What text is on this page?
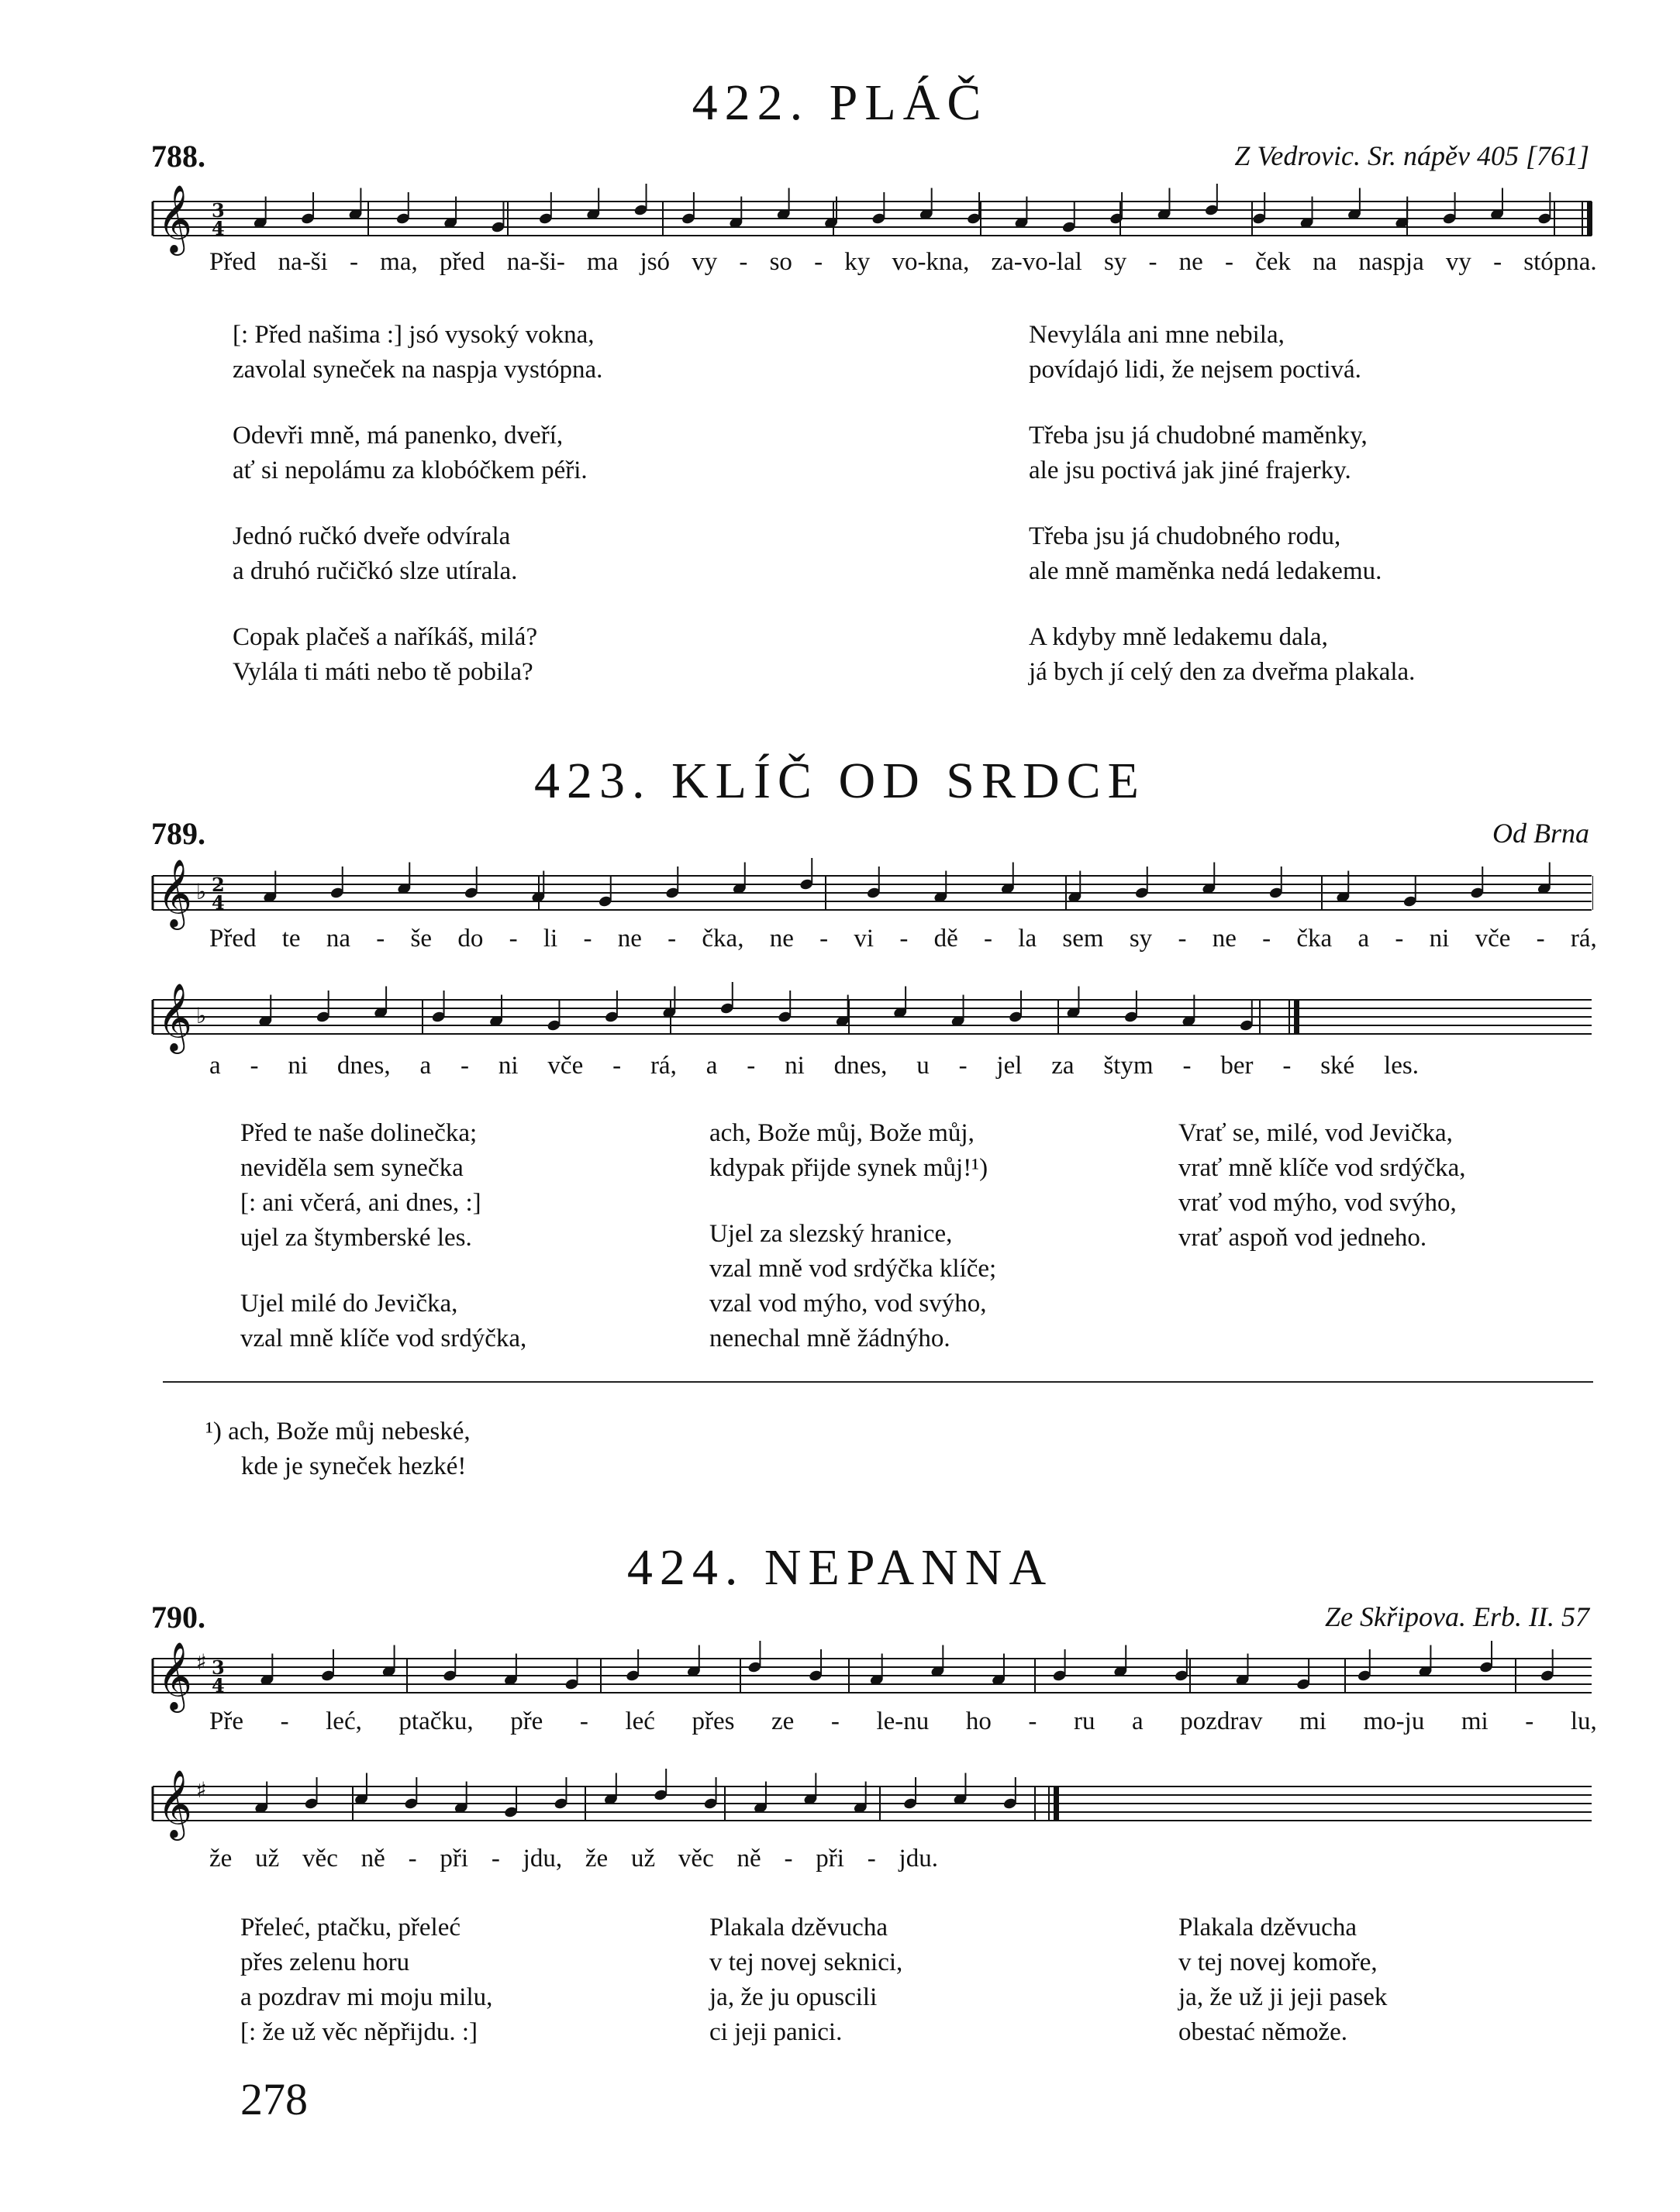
422. PLÁČ
788.	Z Vedrovic. Sr. nápěv 405 [761]
𝄞 3
4
Před na-ši - ma, před na-ši- ma jsó vy - so - ky vo-kna, za-vo-lal sy - ne - ček na naspja vy - stópna.
[: Před našima :] jsó vysoký vokna,
zavolal syneček na naspja vystópna.
Odevři mně, má panenko, dveří,
ať si nepolámu za klobóčkem péři.
Jednó ručkó dveře odvírala
a druhó ručičkó slze utírala.
Copak plačeš a naříkáš, milá?
Vylála ti máti nebo tě pobila?
Nevylála ani mne nebila,
povídajó lidi, že nejsem poctivá.
Třeba jsu já chudobné maměnky,
ale jsu poctivá jak jiné frajerky.
Třeba jsu já chudobného rodu,
ale mně maměnka nedá ledakemu.
A kdyby mně ledakemu dala,
já bych jí celý den za dveřma plakala.
423. KLÍČ OD SRDCE
789.	Od Brna
𝄞 ♭ 2
4
Před te na - še do - li - ne - čka, ne - vi - dě - la sem sy - ne - čka a - ni vče - rá,
𝄞 ♭
a - ni dnes, a - ni vče - rá, a - ni dnes, u - jel za štym - ber - ské les.
Před te naše dolinečka;
neviděla sem synečka
[: ani včerá, ani dnes, :]
ujel za štymberské les.
Ujel milé do Jevička,
vzal mně klíče vod srdýčka,
ach, Bože můj, Bože můj,
kdypak přijde synek můj!¹)
Ujel za slezský hranice,
vzal mně vod srdýčka klíče;
vzal vod mýho, vod svýho,
nenechal mně žádnýho.
Vrať se, milé, vod Jevička,
vrať mně klíče vod srdýčka,
vrať vod mýho, vod svýho,
vrať aspoň vod jedneho.
¹) ach, Bože můj nebeské,
kde je syneček hezké!
424. NEPANNA
790.	Ze Skřipova. Erb. II. 57
𝄞 ♯ 3
4
Pře - leć, ptačku, pře - leć přes ze - le-nu ho - ru a pozdrav mi mo-ju mi - lu,
𝄞 ♯
že už věc ně - při - jdu, že už věc ně - při - jdu.
Přeleć, ptačku, přeleć
přes zelenu horu
a pozdrav mi moju milu,
[: že už věc něpřijdu. :]
Plakala dzěvucha
v tej novej seknici,
ja, že ju opuscili
ci jeji panici.
Plakala dzěvucha
v tej novej komoře,
ja, že už ji jeji pasek
obestać němože.
278
